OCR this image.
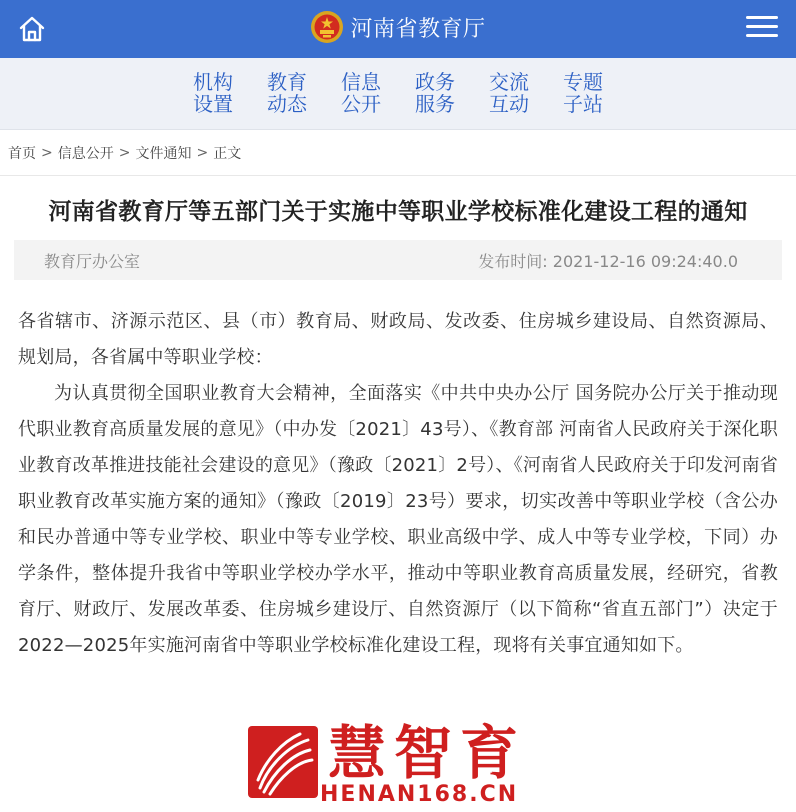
河南省教育厅
机构
设置
教育
动态
信息
公开
政务
服务
交流
互动
专题
子站
首页 > 信息公开 > 文件通知 > 正文
河南省教育厅等五部门关于实施中等职业学校标准化建设工程的通知
教育厅办公室	发布时间: 2021-12-16 09:24:40.0

各省辖市、济源示范区、县（市）教育局、财政局、发改委、住房城乡建设局、自然资源局、规划局，各省属中等职业学校：

为认真贯彻全国职业教育大会精神，全面落实《中共中央办公厅 国务院办公厅关于推动现代职业教育高质量发展的意见》（中办发〔2021〕43号）、《教育部 河南省人民政府关于深化职业教育改革推进技能社会建设的意见》（豫政〔2021〕2号）、《河南省人民政府关于印发河南省职业教育改革实施方案的通知》（豫政〔2019〕23号）要求，切实改善中等职业学校（含公办和民办普通中等专业学校、职业中等专业学校、职业高级中学、成人中等专业学校，下同）办学条件，整体提升我省中等职业学校办学水平，推动中等职业教育高质量发展，经研究，省教育厅、财政厅、发展改革委、住房城乡建设厅、自然资源厅（以下简称“省直五部门”）决定于2022—2025年实施河南省中等职业学校标准化建设工程，现将有关事宜通知如下。

慧智育
HENAN168.CN
